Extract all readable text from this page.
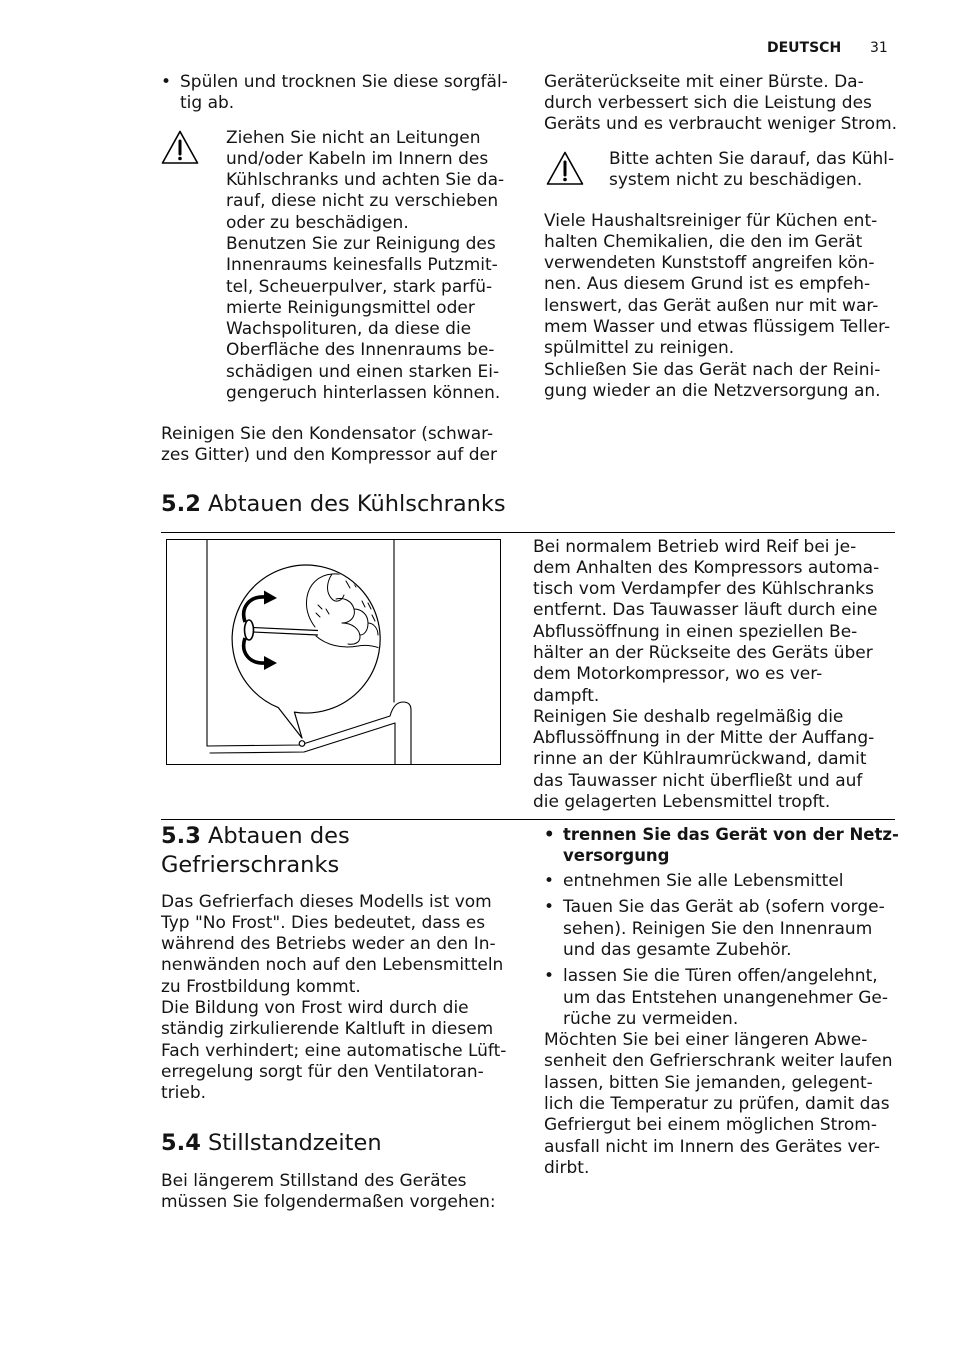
DEUTSCH 31
• Spülen und trocknen Sie diese sorgfäl-
tig ab.
Ziehen Sie nicht an Leitungen
und/oder Kabeln im Innern des
Kühlschranks und achten Sie da-
rauf, diese nicht zu verschieben
oder zu beschädigen.
Benutzen Sie zur Reinigung des
Innenraums keinesfalls Putzmit-
tel, Scheuerpulver, stark parfü-
mierte Reinigungsmittel oder
Wachspolituren, da diese die
Oberfläche des Innenraums be-
schädigen und einen starken Ei-
gengeruch hinterlassen können.
Reinigen Sie den Kondensator (schwar-
zes Gitter) und den Kompressor auf der
Geräterückseite mit einer Bürste. Da-
durch verbessert sich die Leistung des
Geräts und es verbraucht weniger Strom.
Bitte achten Sie darauf, das Kühl-
system nicht zu beschädigen.
Viele Haushaltsreiniger für Küchen ent-
halten Chemikalien, die den im Gerät
verwendeten Kunststoff angreifen kön-
nen. Aus diesem Grund ist es empfeh-
lenswert, das Gerät außen nur mit war-
mem Wasser und etwas flüssigem Teller-
spülmittel zu reinigen.
Schließen Sie das Gerät nach der Reini-
gung wieder an die Netzversorgung an.
5.2 Abtauen des Kühlschranks
Bei normalem Betrieb wird Reif bei je-
dem Anhalten des Kompressors automa-
tisch vom Verdampfer des Kühlschranks
entfernt. Das Tauwasser läuft durch eine
Abflussöffnung in einen speziellen Be-
hälter an der Rückseite des Geräts über
dem Motorkompressor, wo es ver-
dampft.
Reinigen Sie deshalb regelmäßig die
Abflussöffnung in der Mitte der Auffang-
rinne an der Kühlraumrückwand, damit
das Tauwasser nicht überfließt und auf
die gelagerten Lebensmittel tropft.
5.3 Abtauen des
Gefrierschranks
Das Gefrierfach dieses Modells ist vom
Typ "No Frost". Dies bedeutet, dass es
während des Betriebs weder an den In-
nenwänden noch auf den Lebensmitteln
zu Frostbildung kommt.
Die Bildung von Frost wird durch die
ständig zirkulierende Kaltluft in diesem
Fach verhindert; eine automatische Lüft-
erregelung sorgt für den Ventilatoran-
trieb.
5.4 Stillstandzeiten
Bei längerem Stillstand des Gerätes
müssen Sie folgendermaßen vorgehen:
• trennen Sie das Gerät von der Netz-
versorgung
• entnehmen Sie alle Lebensmittel
• Tauen Sie das Gerät ab (sofern vorge-
sehen). Reinigen Sie den Innenraum
und das gesamte Zubehör.
• lassen Sie die Türen offen/angelehnt,
um das Entstehen unangenehmer Ge-
rüche zu vermeiden.
Möchten Sie bei einer längeren Abwe-
senheit den Gefrierschrank weiter laufen
lassen, bitten Sie jemanden, gelegent-
lich die Temperatur zu prüfen, damit das
Gefriergut bei einem möglichen Strom-
ausfall nicht im Innern des Gerätes ver-
dirbt.
